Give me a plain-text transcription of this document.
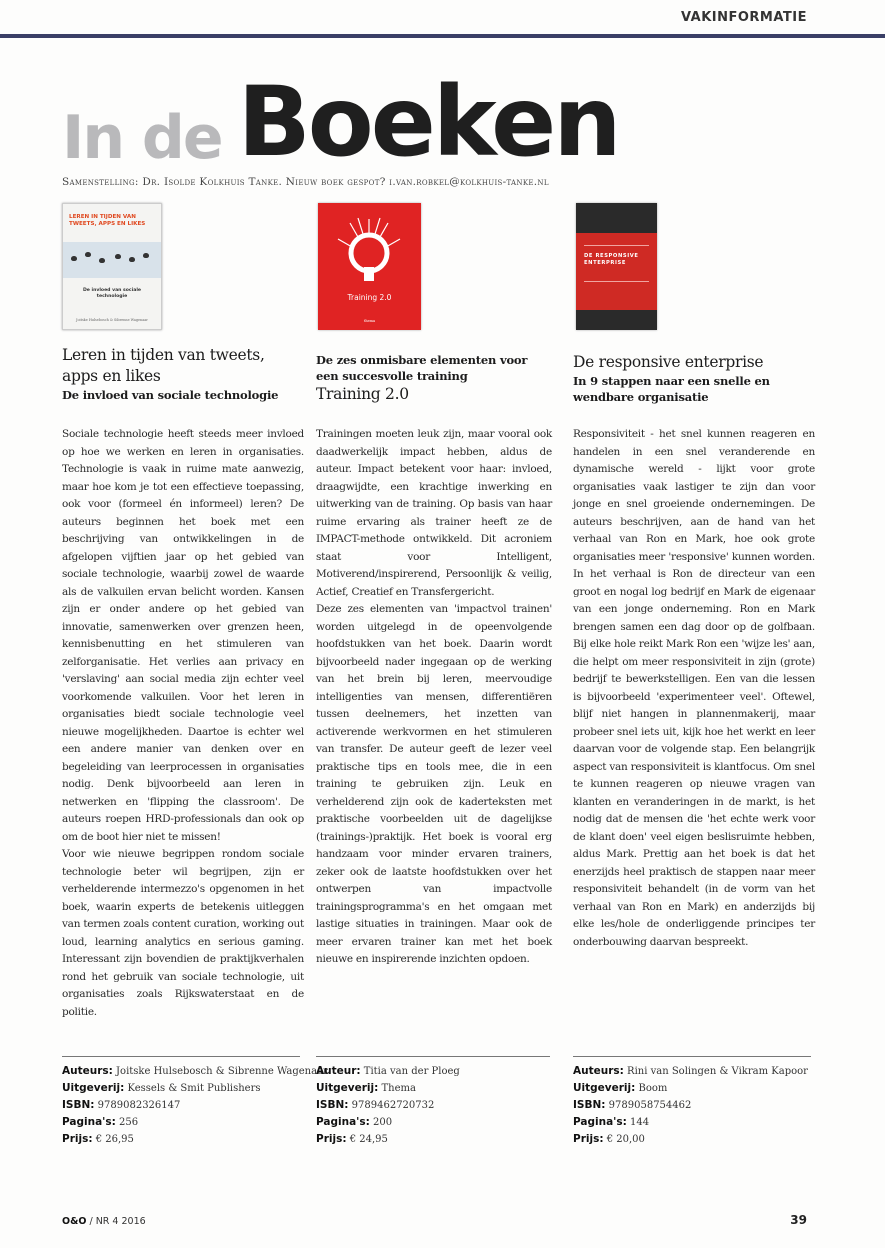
VAKINFORMATIE
In de Boeken
Samenstelling: Dr. Isolde Kolkhuis Tanke. Nieuw boek gespot? i.van.robkel@kolkhuis-tanke.nl
LEREN IN TIJDEN VAN TWEETS, APPS EN LIKES
De invloed van sociale technologie
Joitske Hulsebosch & Sibrenne Wagenaar
Training 2.0
thema
DE RESPONSIVE ENTERPRISE
Leren in tijden van tweets, apps en likes
De invloed van sociale technologie

Sociale technologie heeft steeds meer invloed op hoe we werken en leren in organisaties. Technologie is vaak in ruime mate aanwezig, maar hoe kom je tot een effectieve toepassing, ook voor (formeel én informeel) leren? De auteurs beginnen het boek met een beschrijving van ontwikkelingen in de afgelopen vijftien jaar op het gebied van sociale technologie, waarbij zowel de waarde als de valkuilen ervan belicht worden. Kansen zijn er onder andere op het gebied van innovatie, samenwerken over grenzen heen, kennisbenutting en het stimuleren van zelforganisatie. Het verlies aan privacy en 'verslaving' aan social media zijn echter veel voorkomende valkuilen. Voor het leren in organisaties biedt sociale technologie veel nieuwe mogelijkheden. Daartoe is echter wel een andere manier van denken over en begeleiding van leerprocessen in organisaties nodig. Denk bijvoorbeeld aan leren in netwerken en 'flipping the classroom'. De auteurs roepen HRD-professionals dan ook op om de boot hier niet te missen!

Voor wie nieuwe begrippen rondom sociale technologie beter wil begrijpen, zijn er verhelderende intermezzo's opgenomen in het boek, waarin experts de betekenis uitleggen van termen zoals content curation, working out loud, learning analytics en serious gaming. Interessant zijn bovendien de praktijkverhalen rond het gebruik van sociale technologie, uit organisaties zoals Rijkswaterstaat en de politie.

De zes onmisbare elementen voor een succesvolle training
Training 2.0

Trainingen moeten leuk zijn, maar vooral ook daadwerkelijk impact hebben, aldus de auteur. Impact betekent voor haar: invloed, draagwijdte, een krachtige inwerking en uitwerking van de training. Op basis van haar ruime ervaring als trainer heeft ze de IMPACT-methode ontwikkeld. Dit acroniem staat voor Intelligent, Motiverend/inspirerend, Persoonlijk & veilig, Actief, Creatief en Transfergericht.

Deze zes elementen van 'impactvol trainen' worden uitgelegd in de opeenvolgende hoofdstukken van het boek. Daarin wordt bijvoorbeeld nader ingegaan op de werking van het brein bij leren, meervoudige intelligenties van mensen, differentiëren tussen deelnemers, het inzetten van activerende werkvormen en het stimuleren van transfer. De auteur geeft de lezer veel praktische tips en tools mee, die in een training te gebruiken zijn. Leuk en verhelderend zijn ook de kaderteksten met praktische voorbeelden uit de dagelijkse (trainings-)praktijk. Het boek is vooral erg handzaam voor minder ervaren trainers, zeker ook de laatste hoofdstukken over het ontwerpen van impactvolle trainingsprogramma's en het omgaan met lastige situaties in trainingen. Maar ook de meer ervaren trainer kan met het boek nieuwe en inspirerende inzichten opdoen.

De responsive enterprise
In 9 stappen naar een snelle en wendbare organisatie

Responsiviteit - het snel kunnen reageren en handelen in een snel veranderende en dynamische wereld - lijkt voor grote organisaties vaak lastiger te zijn dan voor jonge en snel groeiende ondernemingen. De auteurs beschrijven, aan de hand van het verhaal van Ron en Mark, hoe ook grote organisaties meer 'responsive' kunnen worden. In het verhaal is Ron de directeur van een groot en nogal log bedrijf en Mark de eigenaar van een jonge onderneming. Ron en Mark brengen samen een dag door op de golfbaan. Bij elke hole reikt Mark Ron een 'wijze les' aan, die helpt om meer responsiviteit in zijn (grote) bedrijf te bewerkstelligen. Een van die lessen is bijvoorbeeld 'experimenteer veel'. Oftewel, blijf niet hangen in plannenmakerij, maar probeer snel iets uit, kijk hoe het werkt en leer daarvan voor de volgende stap. Een belangrijk aspect van responsiviteit is klantfocus. Om snel te kunnen reageren op nieuwe vragen van klanten en veranderingen in de markt, is het nodig dat de mensen die 'het echte werk voor de klant doen' veel eigen beslisruimte hebben, aldus Mark. Prettig aan het boek is dat het enerzijds heel praktisch de stappen naar meer responsiviteit behandelt (in de vorm van het verhaal van Ron en Mark) en anderzijds bij elke les/hole de onderliggende principes ter onderbouwing daarvan bespreekt.

Auteurs: Joitske Hulsebosch & Sibrenne Wagenaar
Uitgeverij: Kessels & Smit Publishers
ISBN: 9789082326147
Pagina's: 256
Prijs: € 26,95
Auteur: Titia van der Ploeg
Uitgeverij: Thema
ISBN: 9789462720732
Pagina's: 200
Prijs: € 24,95
Auteurs: Rini van Solingen & Vikram Kapoor
Uitgeverij: Boom
ISBN: 9789058754462
Pagina's: 144
Prijs: € 20,00
O&O / NR 4 2016	39
